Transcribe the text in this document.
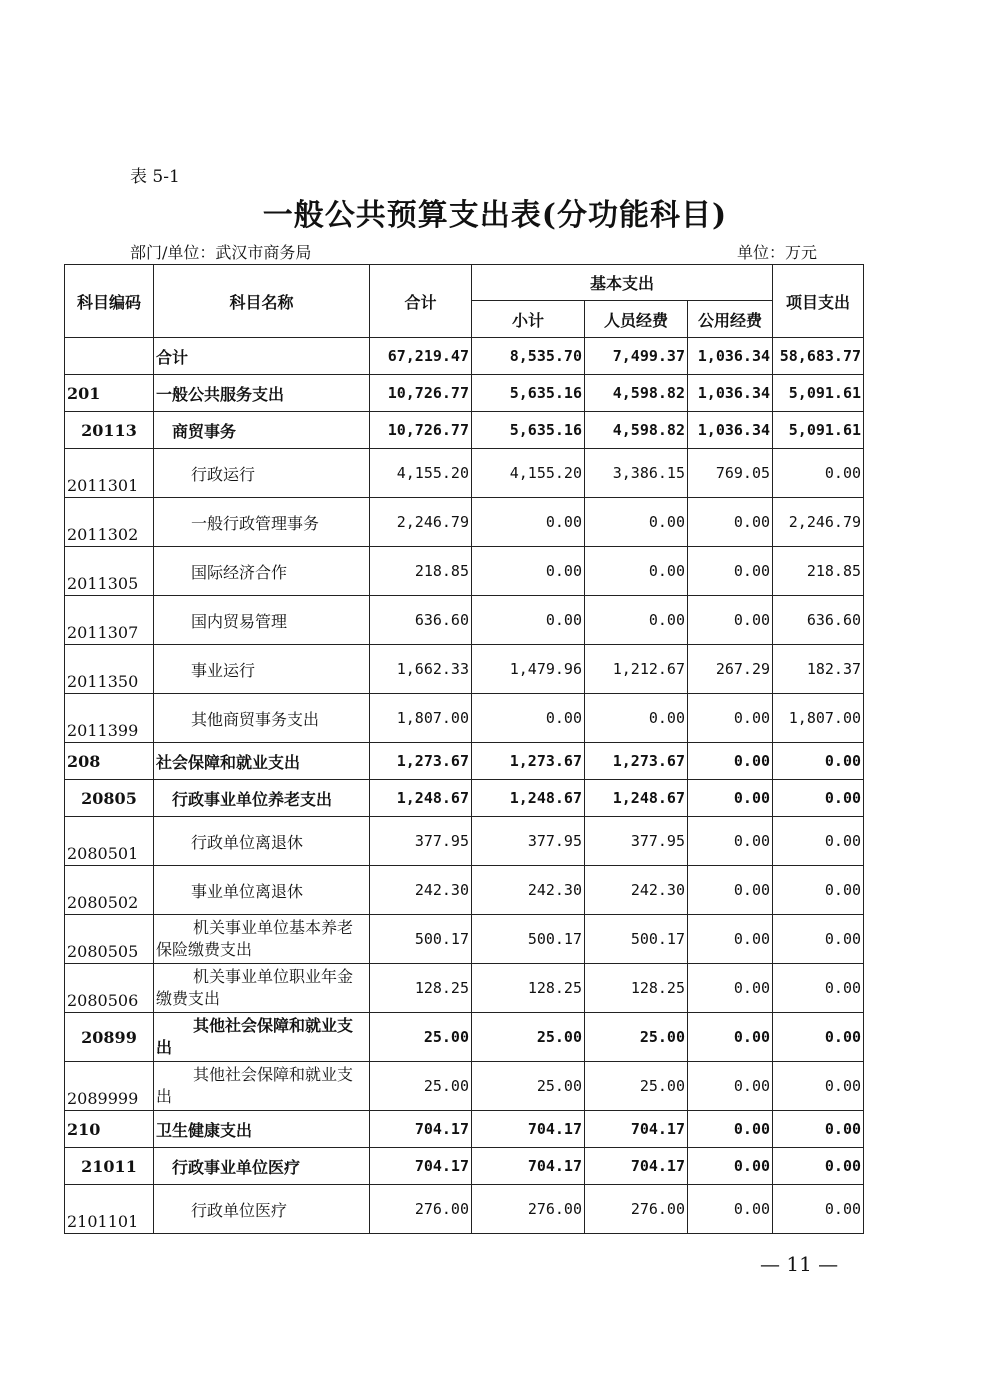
表 5-1
一般公共预算支出表(分功能科目)
部门/单位：武汉市商务局	单位：万元
科目编码	科目名称	合计	基本支出			项目支出
			小计	人员经费	公用经费	
	合计	67,219.47	8,535.70	7,499.37	1,036.34	58,683.77
201	一般公共服务支出	10,726.77	5,635.16	4,598.82	1,036.34	5,091.61
20113	商贸事务	10,726.77	5,635.16	4,598.82	1,036.34	5,091.61
2011301	行政运行	4,155.20	4,155.20	3,386.15	769.05	0.00
2011302	一般行政管理事务	2,246.79	0.00	0.00	0.00	2,246.79
2011305	国际经济合作	218.85	0.00	0.00	0.00	218.85
2011307	国内贸易管理	636.60	0.00	0.00	0.00	636.60
2011350	事业运行	1,662.33	1,479.96	1,212.67	267.29	182.37
2011399	其他商贸事务支出	1,807.00	0.00	0.00	0.00	1,807.00
208	社会保障和就业支出	1,273.67	1,273.67	1,273.67	0.00	0.00
20805	行政事业单位养老支出	1,248.67	1,248.67	1,248.67	0.00	0.00
2080501	行政单位离退休	377.95	377.95	377.95	0.00	0.00
2080502	事业单位离退休	242.30	242.30	242.30	0.00	0.00
2080505	机关事业单位基本养老保险缴费支出	500.17	500.17	500.17	0.00	0.00
2080506	机关事业单位职业年金缴费支出	128.25	128.25	128.25	0.00	0.00
20899	其他社会保障和就业支出	25.00	25.00	25.00	0.00	0.00
2089999	其他社会保障和就业支出	25.00	25.00	25.00	0.00	0.00
210	卫生健康支出	704.17	704.17	704.17	0.00	0.00
21011	行政事业单位医疗	704.17	704.17	704.17	0.00	0.00
2101101	行政单位医疗	276.00	276.00	276.00	0.00	0.00
— 11 —
